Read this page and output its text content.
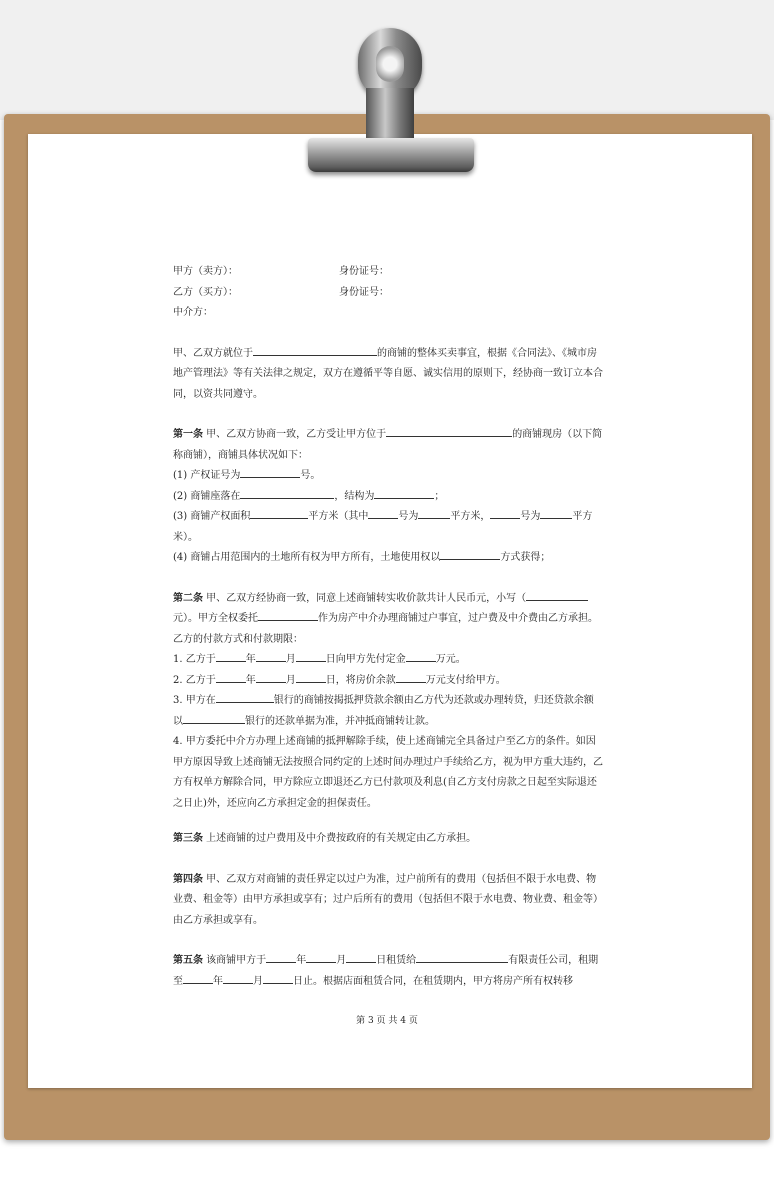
甲方（卖方）：	身份证号：
乙方（买方）：	身份证号：

中介方：

甲、乙双方就位于	的商铺的整体买卖事宜，根据《合同法》、《城市房地产管理法》等有关法律之规定，双方在遵循平等自愿、诚实信用的原则下，经协商一致订立本合同，以资共同遵守。

第一条 甲、乙双方协商一致，乙方受让甲方位于	的商铺现房（以下简称商铺），商铺具体状况如下：

(1) 产权证号为	号。

(2) 商铺座落在	，结构为	；

(3) 商铺产权面积	平方米（其中	号为	平方米，	号为	平方米）。

(4) 商铺占用范围内的土地所有权为甲方所有，土地使用权以	方式获得；

第二条 甲、乙双方经协商一致，同意上述商铺转实收价款共计人民币元，小写（元）。甲方全权委托	作为房产中介办理商铺过户事宜，过户费及中介费由乙方承担。　乙方的付款方式和付款期限：

1. 乙方于	年	月	日向甲方先付定金	万元。

2. 乙方于	年	月	日，将房价余款	万元支付给甲方。

3. 甲方在	银行的商铺按揭抵押贷款余额由乙方代为还款或办理转贷，归还贷款余额以	银行的还款单据为准，并冲抵商铺转让款。

4. 甲方委托中介方办理上述商铺的抵押解除手续，使上述商铺完全具备过户至乙方的条件。如因甲方原因导致上述商铺无法按照合同约定的上述时间办理过户手续给乙方，视为甲方重大违约，乙方有权单方解除合同，甲方除应立即退还乙方已付款项及利息(自乙方支付房款之日起至实际退还之日止)外，还应向乙方承担定金的担保责任。

第三条 上述商铺的过户费用及中介费按政府的有关规定由乙方承担。

第四条 甲、乙双方对商铺的责任界定以过户为准，过户前所有的费用（包括但不限于水电费、物业费、租金等）由甲方承担或享有；过户后所有的费用（包括但不限于水电费、物业费、租金等）由乙方承担或享有。

第五条 该商铺甲方于	年	月	日租赁给	有限责任公司，租期至	年	月	日止。根据店面租赁合同，在租赁期内，甲方将房产所有权转移

第 3 页 共 4 页
